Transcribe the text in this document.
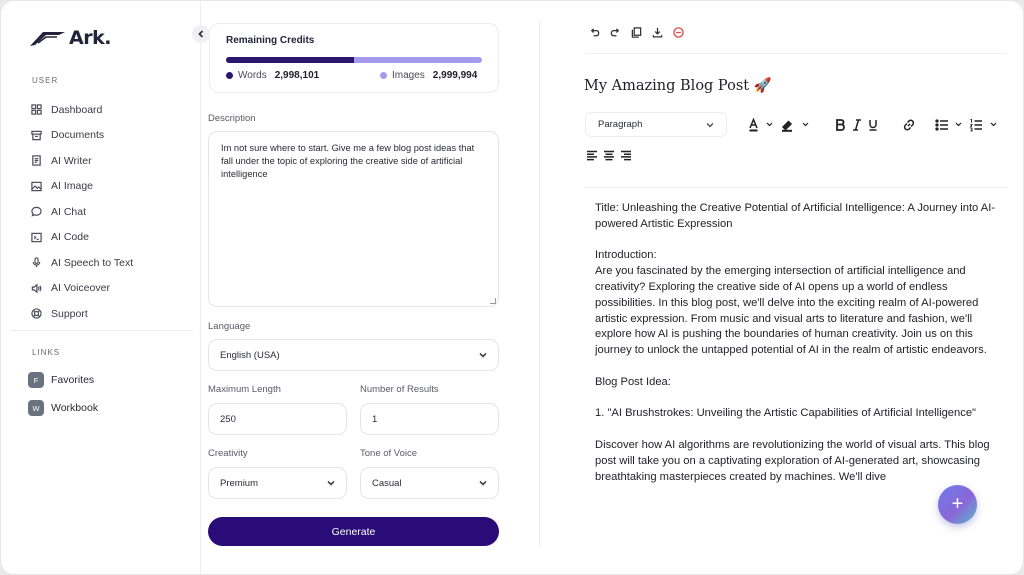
Ark.
USER
Dashboard
Documents
AI Writer
AI Image
AI Chat
AI Code
AI Speech to Text
AI Voiceover
Support
LINKS
F	Favorites
W	Workbook
Remaining Credits
Words 2,998,101	Images 2,999,994
Description
Im not sure where to start. Give me a few blog post ideas that fall under the topic of exploring the creative side of artificial intelligence
Language
English (USA)
Maximum Length
250
Number of Results
1
Creativity
Premium
Tone of Voice
Casual
Generate
My Amazing Blog Post 🚀
Paragraph

Title: Unleashing the Creative Potential of Artificial Intelligence: A Journey into AI-powered Artistic Expression

Introduction:

Are you fascinated by the emerging intersection of artificial intelligence and creativity? Exploring the creative side of AI opens up a world of endless possibilities. In this blog post, we'll delve into the exciting realm of AI-powered artistic expression. From music and visual arts to literature and fashion, we'll explore how AI is pushing the boundaries of human creativity. Join us on this journey to unlock the untapped potential of AI in the realm of artistic endeavors.

Blog Post Idea:

1. "AI Brushstrokes: Unveiling the Artistic Capabilities of Artificial Intelligence"

Discover how AI algorithms are revolutionizing the world of visual arts. This blog post will take you on a captivating exploration of AI-generated art, showcasing breathtaking masterpieces created by machines. We'll dive

+
